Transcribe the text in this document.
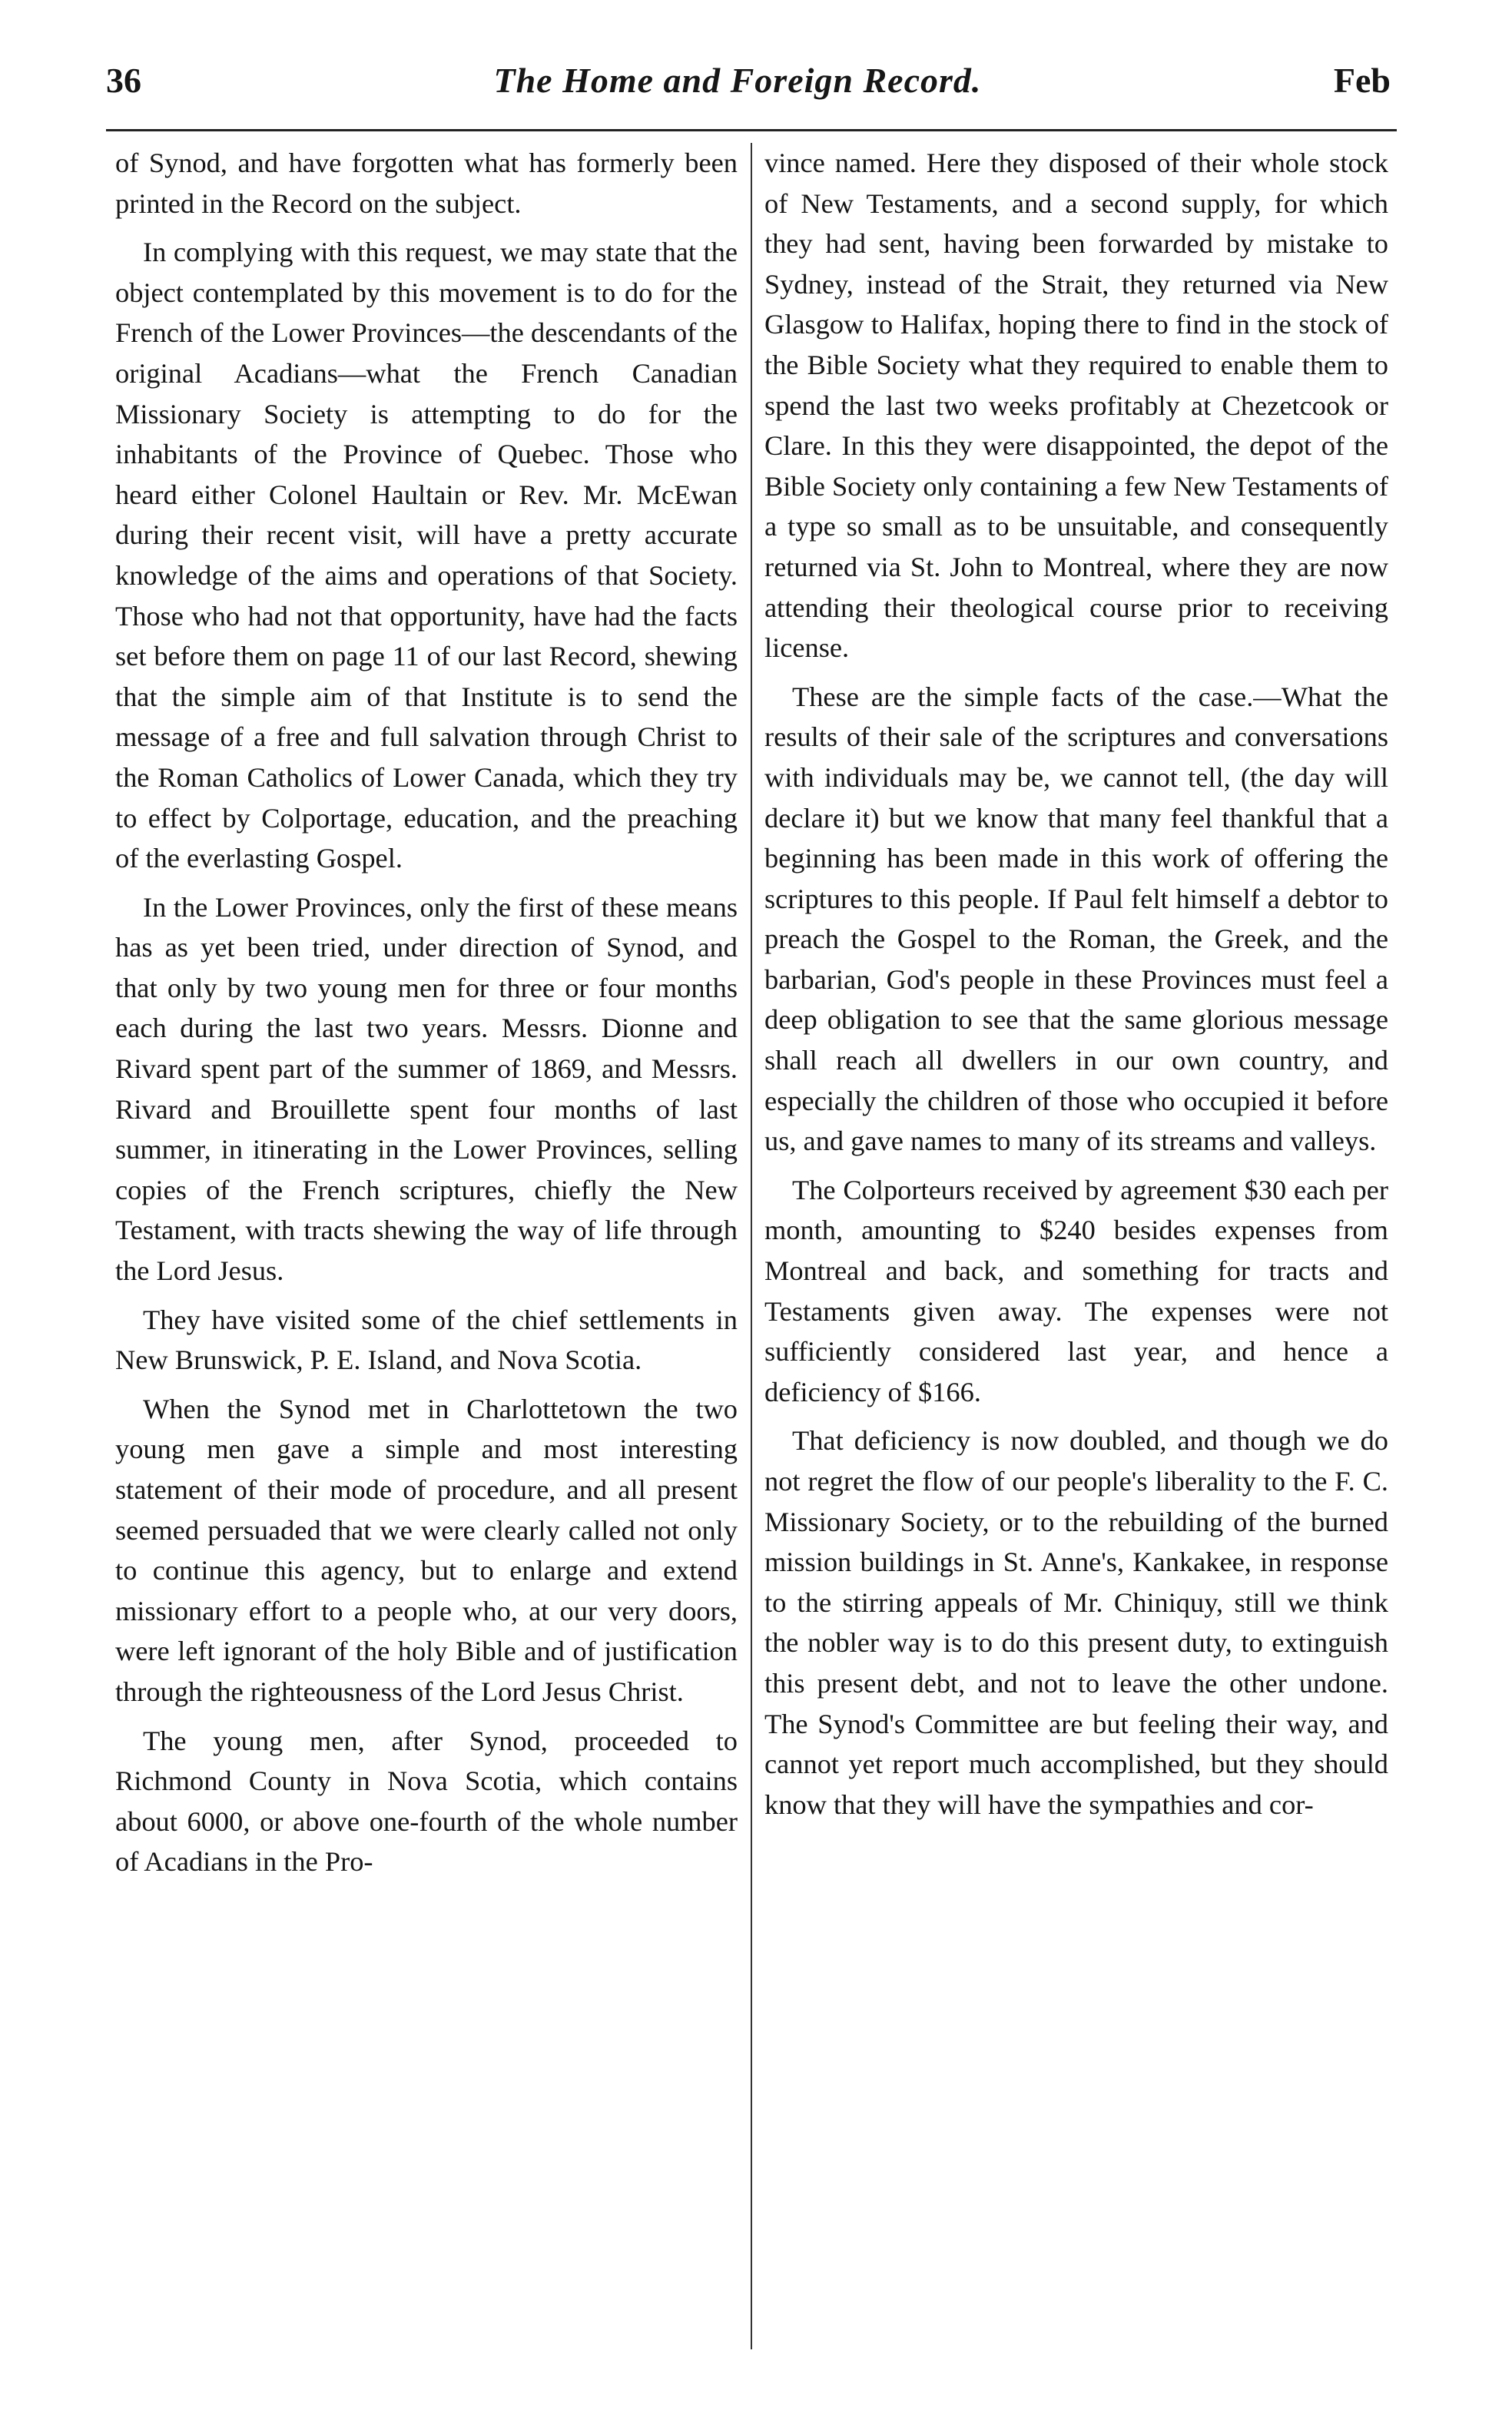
36	The Home and Foreign Record.	Feb

of Synod, and have forgotten what has formerly been printed in the Record on the subject.

In complying with this request, we may state that the object contemplated by this movement is to do for the French of the Lower Provinces—the descendants of the original Acadians—what the French Canadian Missionary Society is attempting to do for the inhabitants of the Province of Quebec. Those who heard either Colonel Haultain or Rev. Mr. McEwan during their recent visit, will have a pretty accurate knowledge of the aims and operations of that Society. Those who had not that opportunity, have had the facts set before them on page 11 of our last Record, shewing that the simple aim of that Institute is to send the message of a free and full salvation through Christ to the Roman Catholics of Lower Canada, which they try to effect by Colportage, education, and the preaching of the everlasting Gospel.

In the Lower Provinces, only the first of these means has as yet been tried, under direction of Synod, and that only by two young men for three or four months each during the last two years. Messrs. Dionne and Rivard spent part of the summer of 1869, and Messrs. Rivard and Brouillette spent four months of last summer, in itinerating in the Lower Provinces, selling copies of the French scriptures, chiefly the New Testament, with tracts shewing the way of life through the Lord Jesus.

They have visited some of the chief settlements in New Brunswick, P. E. Island, and Nova Scotia.

When the Synod met in Charlottetown the two young men gave a simple and most interesting statement of their mode of procedure, and all present seemed persuaded that we were clearly called not only to continue this agency, but to enlarge and extend missionary effort to a people who, at our very doors, were left ignorant of the holy Bible and of justification through the righteousness of the Lord Jesus Christ.

The young men, after Synod, proceeded to Richmond County in Nova Scotia, which contains about 6000, or above one-fourth of the whole number of Acadians in the Pro-

vince named. Here they disposed of their whole stock of New Testaments, and a second supply, for which they had sent, having been forwarded by mistake to Sydney, instead of the Strait, they returned via New Glasgow to Halifax, hoping there to find in the stock of the Bible Society what they required to enable them to spend the last two weeks profitably at Chezetcook or Clare. In this they were disappointed, the depot of the Bible Society only containing a few New Testaments of a type so small as to be unsuitable, and consequently returned via St. John to Montreal, where they are now attending their theological course prior to receiving license.

These are the simple facts of the case.—What the results of their sale of the scriptures and conversations with individuals may be, we cannot tell, (the day will declare it) but we know that many feel thankful that a beginning has been made in this work of offering the scriptures to this people. If Paul felt himself a debtor to preach the Gospel to the Roman, the Greek, and the barbarian, God's people in these Provinces must feel a deep obligation to see that the same glorious message shall reach all dwellers in our own country, and especially the children of those who occupied it before us, and gave names to many of its streams and valleys.

The Colporteurs received by agreement $30 each per month, amounting to $240 besides expenses from Montreal and back, and something for tracts and Testaments given away. The expenses were not sufficiently considered last year, and hence a deficiency of $166.

That deficiency is now doubled, and though we do not regret the flow of our people's liberality to the F. C. Missionary Society, or to the rebuilding of the burned mission buildings in St. Anne's, Kankakee, in response to the stirring appeals of Mr. Chiniquy, still we think the nobler way is to do this present duty, to extinguish this present debt, and not to leave the other undone. The Synod's Committee are but feeling their way, and cannot yet report much accomplished, but they should know that they will have the sympathies and cor-
